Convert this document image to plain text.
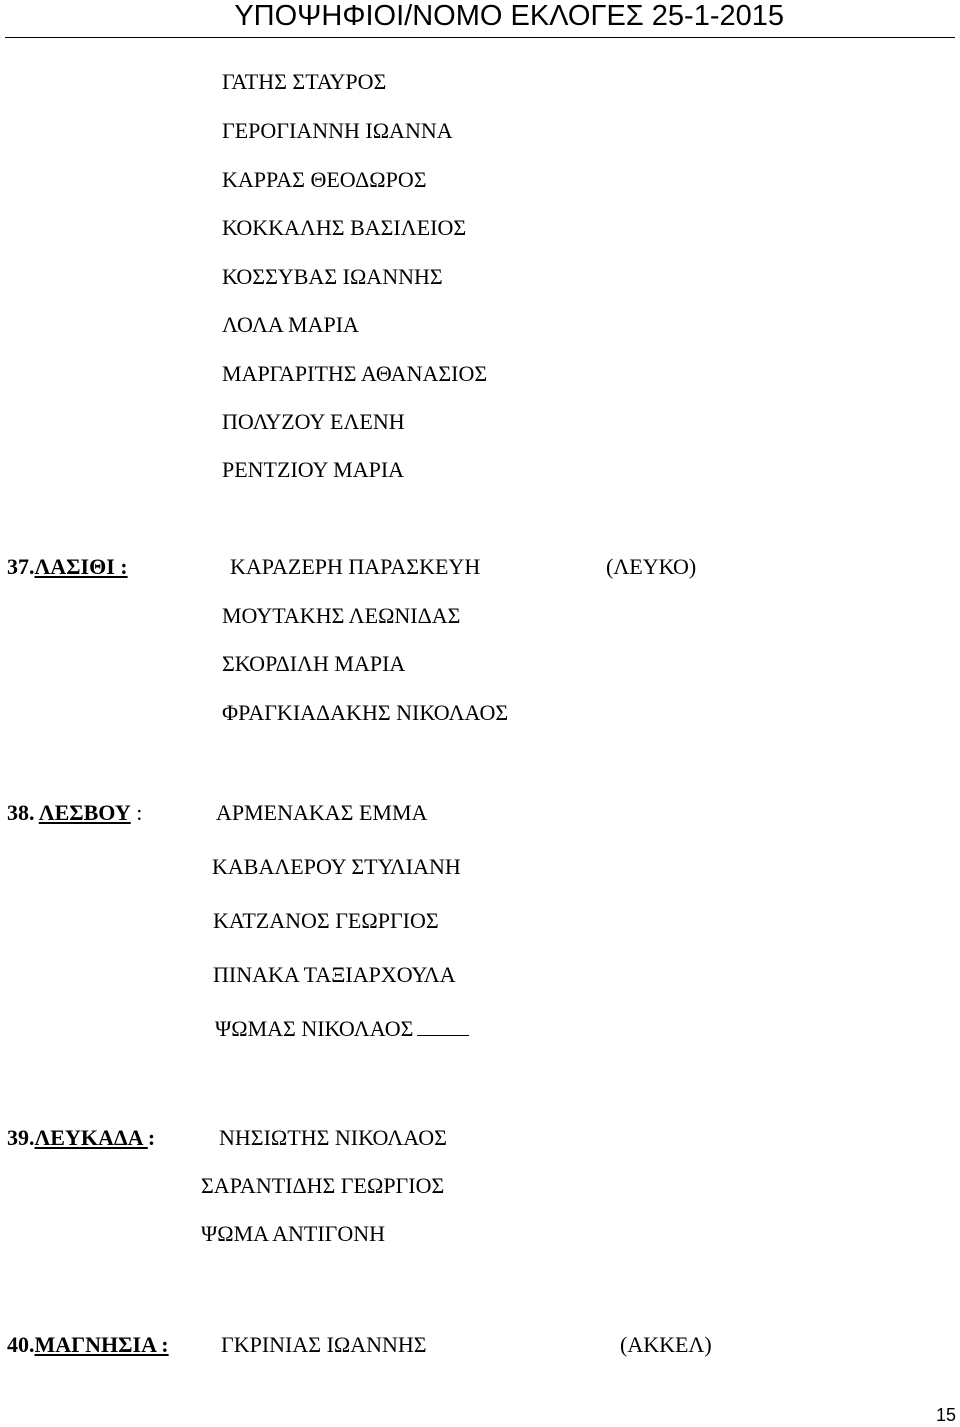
ΥΠΟΨΗΦΙΟΙ/ΝΟΜΟ ΕΚΛΟΓΕΣ 25-1-2015
ΓΑΤΗΣ ΣΤΑΥΡΟΣ
ΓΕΡΟΓΙΑΝΝΗ ΙΩΑΝΝΑ
ΚΑΡΡΑΣ ΘΕΟΔΩΡΟΣ
ΚΟΚΚΑΛΗΣ ΒΑΣΙΛΕΙΟΣ
ΚΟΣΣΥΒΑΣ ΙΩΑΝΝΗΣ
ΛΟΛΑ ΜΑΡΙΑ
ΜΑΡΓΑΡΙΤΗΣ ΑΘΑΝΑΣΙΟΣ
ΠΟΛΥΖΟΥ ΕΛΕΝΗ
ΡΕΝΤΖΙΟΥ ΜΑΡΙΑ
37.ΛΑΣΙΘΙ :	ΚΑΡΑΖΕΡΗ ΠΑΡΑΣΚΕΥΗ	(ΛΕΥΚΟ)
ΜΟΥΤΑΚΗΣ ΛΕΩΝΙΔΑΣ
ΣΚΟΡΔΙΛΗ ΜΑΡΙΑ
ΦΡΑΓΚΙΑΔΑΚΗΣ ΝΙΚΟΛΑΟΣ
38. ΛΕΣΒΟΥ :	ΑΡΜΕΝΑΚΑΣ ΕΜΜΑ
ΚΑΒΑΛΕΡΟΥ ΣΤΥΛΙΑΝΗ
ΚΑΤΖΑΝΟΣ ΓΕΩΡΓΙΟΣ
ΠΙΝΑΚΑ ΤΑΞΙΑΡΧΟΥΛΑ
ΨΩΜΑΣ ΝΙΚΟΛΑΟΣ
39.ΛΕΥΚΑΔΑ :	ΝΗΣΙΩΤΗΣ ΝΙΚΟΛΑΟΣ
ΣΑΡΑΝΤΙΔΗΣ ΓΕΩΡΓΙΟΣ
ΨΩΜΑ ΑΝΤΙΓΟΝΗ
40.ΜΑΓΝΗΣΙΑ : ΓΚΡΙΝΙΑΣ ΙΩΑΝΝΗΣ	(ΑΚΚΕΛ)
15
